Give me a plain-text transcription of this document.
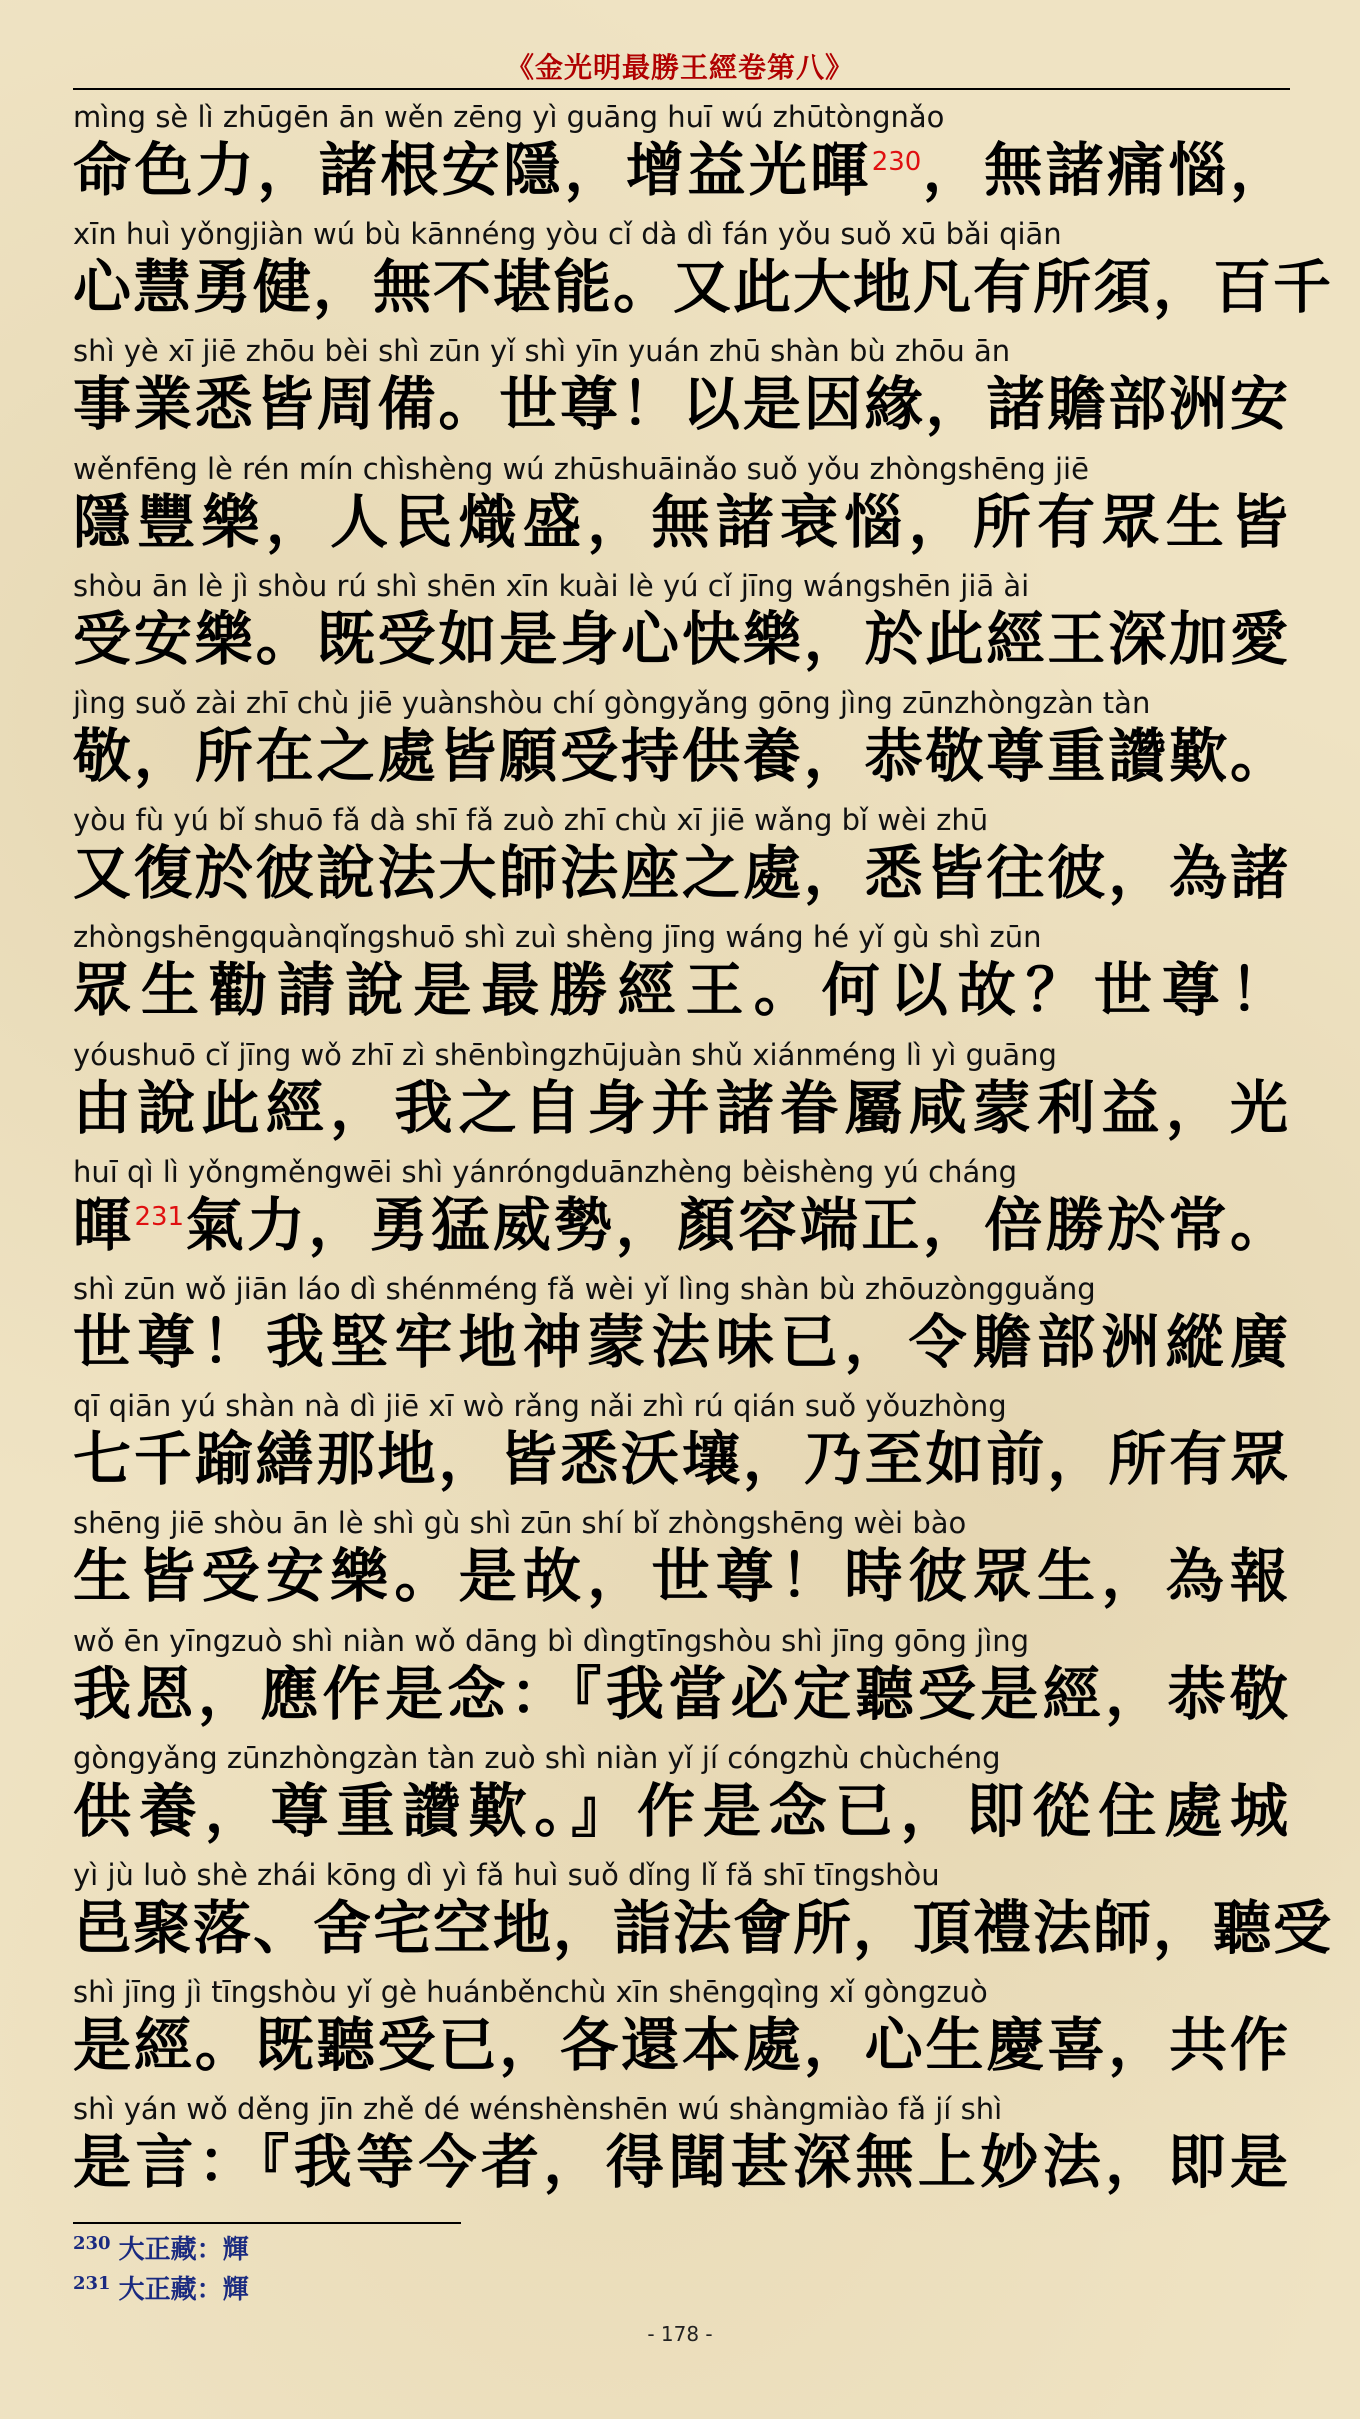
《金光明最勝王經卷第八》
mìng sè lì zhūgēn ān wěn zēng yì guāng huī wú zhūtòngnǎo
命色力，諸根安隱，增益光暉$^{230}$，無諸痛惱，
xīn huì yǒngjiàn wú bù kānnéng yòu cǐ dà dì fán yǒu suǒ xū bǎi qiān
心慧勇健，無不堪能。又此大地凡有所須，百千
shì yè xī jiē zhōu bèi shì zūn yǐ shì yīn yuán zhū shàn bù zhōu ān
事業悉皆周備。世尊！以是因緣，諸贍部洲安
wěnfēng lè rén mín chìshèng wú zhūshuāinǎo suǒ yǒu zhòngshēng jiē
隱豐樂，人民熾盛，無諸衰惱，所有眾生皆
shòu ān lè jì shòu rú shì shēn xīn kuài lè yú cǐ jīng wángshēn jiā ài
受安樂。既受如是身心快樂，於此經王深加愛
jìng suǒ zài zhī chù jiē yuànshòu chí gòngyǎng gōng jìng zūnzhòngzàn tàn
敬，所在之處皆願受持供養，恭敬尊重讚歎。
yòu fù yú bǐ shuō fǎ dà shī fǎ zuò zhī chù xī jiē wǎng bǐ wèi zhū
又復於彼說法大師法座之處，悉皆往彼，為諸
zhòngshēngquànqǐngshuō shì zuì shèng jīng wáng hé yǐ gù shì zūn
眾生勸請說是最勝經王。何以故？世尊！
yóushuō cǐ jīng wǒ zhī zì shēnbìngzhūjuàn shǔ xiánméng lì yì guāng
由說此經，我之自身并諸眷屬咸蒙利益，光
huī qì lì yǒngměngwēi shì yánróngduānzhèng bèishèng yú cháng
暉$^{231}$氣力，勇猛威勢，顏容端正，倍勝於常。
shì zūn wǒ jiān láo dì shénméng fǎ wèi yǐ lìng shàn bù zhōuzòngguǎng
世尊！我堅牢地神蒙法味已，令贍部洲縱廣
qī qiān yú shàn nà dì jiē xī wò rǎng nǎi zhì rú qián suǒ yǒuzhòng
七千踰繕那地，皆悉沃壤，乃至如前，所有眾
shēng jiē shòu ān lè shì gù shì zūn shí bǐ zhòngshēng wèi bào
生皆受安樂。是故，世尊！時彼眾生，為報
wǒ ēn yīngzuò shì niàn wǒ dāng bì dìngtīngshòu shì jīng gōng jìng
我恩，應作是念：『我當必定聽受是經，恭敬
gòngyǎng zūnzhòngzàn tàn zuò shì niàn yǐ jí cóngzhù chùchéng
供養，尊重讚歎。』作是念已，即從住處城
yì jù luò shè zhái kōng dì yì fǎ huì suǒ dǐng lǐ fǎ shī tīngshòu
邑聚落、舍宅空地，詣法會所，頂禮法師，聽受
shì jīng jì tīngshòu yǐ gè huánběnchù xīn shēngqìng xǐ gòngzuò
是經。既聽受已，各還本處，心生慶喜，共作
shì yán wǒ děng jīn zhě dé wénshènshēn wú shàngmiào fǎ jí shì
是言：『我等今者，得聞甚深無上妙法，即是
$^{230}$ 大正藏：輝
$^{231}$ 大正藏：輝
- 178 -
